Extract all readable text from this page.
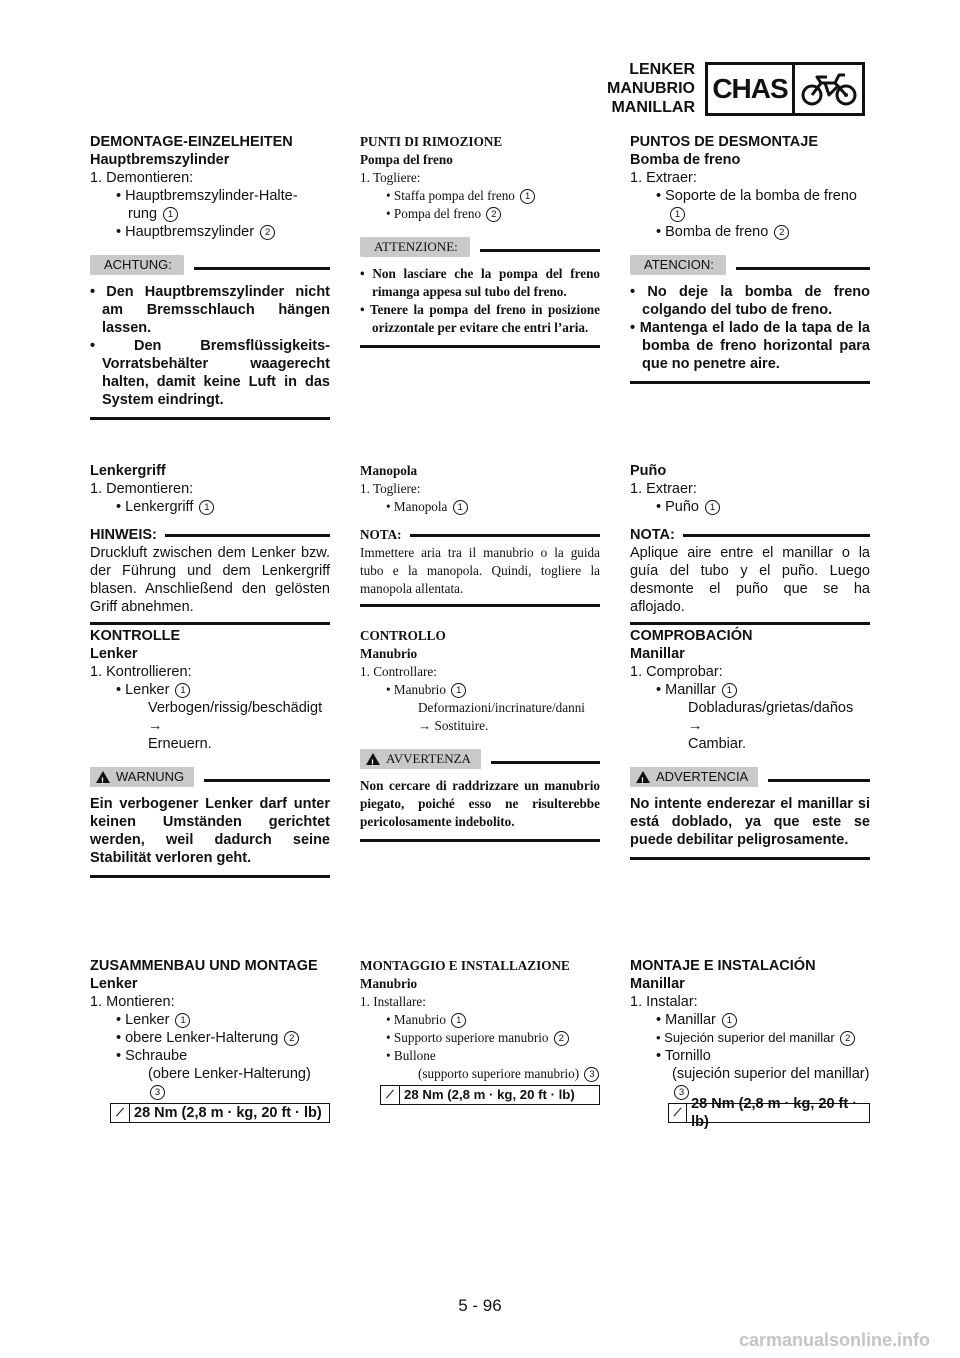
LENKER
MANUBRIO
MANILLAR
CHAS
DEMONTAGE-EINZELHEITEN
Hauptbremszylinder
1. Demontieren:
• Hauptbremszylinder-Halte-
rung 1
• Hauptbremszylinder 2
ACHTUNG:
• Den Hauptbremszylinder nicht am Bremsschlauch hängen lassen.
• Den Bremsflüssigkeits-Vorratsbehälter waagerecht halten, damit keine Luft in das System eindringt.
Lenkergriff
1. Demontieren:
• Lenkergriff 1
HINWEIS:
Druckluft zwischen dem Lenker bzw. der Führung und dem Lenkergriff blasen. Anschließend den gelösten Griff abnehmen.
KONTROLLE
Lenker
1. Kontrollieren:
• Lenker 1
Verbogen/rissig/beschädigt →
Erneuern.
!
WARNUNG
Ein verbogener Lenker darf unter keinen Umständen gerichtet werden, weil dadurch seine Stabilität verloren geht.
ZUSAMMENBAU UND MONTAGE
Lenker
1. Montieren:
• Lenker 1
• obere Lenker-Halterung 2
• Schraube
(obere Lenker-Halterung) 3
⟋ 28 Nm (2,8 m · kg, 20 ft · lb)
PUNTI DI RIMOZIONE
Pompa del freno
1. Togliere:
• Staffa pompa del freno 1
• Pompa del freno 2
ATTENZIONE:
• Non lasciare che la pompa del freno rimanga appesa sul tubo del freno.
• Tenere la pompa del freno in posizione orizzontale per evitare che entri l’aria.
Manopola
1. Togliere:
• Manopola 1
NOTA:
Immettere aria tra il manubrio o la guida tubo e la manopola. Quindi, togliere la manopola allentata.
CONTROLLO
Manubrio
1. Controllare:
• Manubrio 1
Deformazioni/incrinature/danni
→ Sostituire.
!
AVVERTENZA
Non cercare di raddrizzare un manubrio piegato, poiché esso ne risulterebbe pericolosamente indebolito.
MONTAGGIO E INSTALLAZIONE
Manubrio
1. Installare:
• Manubrio 1
• Supporto superiore manubrio 2
• Bullone
(supporto superiore manubrio) 3
⟋ 28 Nm (2,8 m · kg, 20 ft · lb)
PUNTOS DE DESMONTAJE
Bomba de freno
1. Extraer:
• Soporte de la bomba de freno 1
• Bomba de freno 2
ATENCION:
• No deje la bomba de freno colgando del tubo de freno.
• Mantenga el lado de la tapa de la bomba de freno horizontal para que no penetre aire.
Puño
1. Extraer:
• Puño 1
NOTA:
Aplique aire entre el manillar o la guía del tubo y el puño. Luego desmonte el puño que se ha aflojado.
COMPROBACIÓN
Manillar
1. Comprobar:
• Manillar 1
Dobladuras/grietas/daños →
Cambiar.
!
ADVERTENCIA
No intente enderezar el manillar si está doblado, ya que este se puede debilitar peligrosamente.
MONTAJE E INSTALACIÓN
Manillar
1. Instalar:
• Manillar 1
• Sujeción superior del manillar 2
• Tornillo
(sujeción superior del manillar) 3
⟋
28 Nm (2,8 m · kg, 20 ft · lb)
5 - 96
carmanualsonline.info
